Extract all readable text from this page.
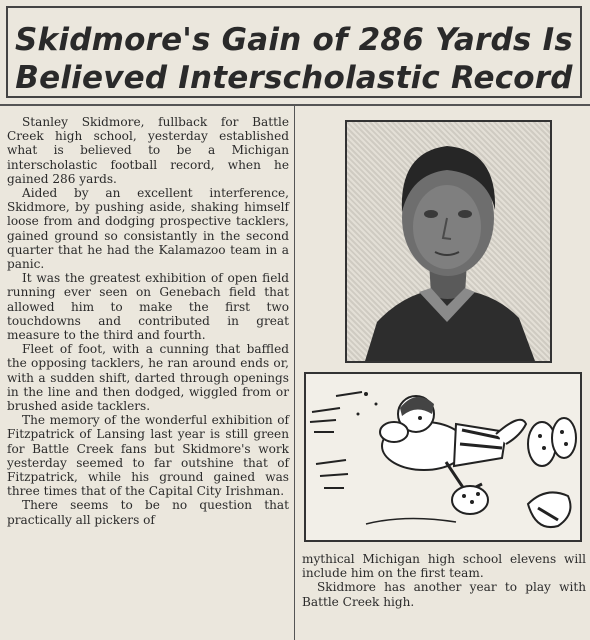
Skidmore's Gain of 286 Yards Is
Believed Interscholastic Record

Stanley Skidmore, fullback for Battle Creek high school, yesterday established what is believed to be a Michigan interscholastic football record, when he gained 286 yards.

Aided by an excellent interference, Skidmore, by pushing aside, shaking himself loose from and dodging prospective tacklers, gained ground so consistantly in the second quarter that he had the Kalamazoo team in a panic.

It was the greatest exhibition of open field running ever seen on Genebach field that allowed him to make the first two touchdowns and contributed in great measure to the third and fourth.

Fleet of foot, with a cunning that baffled the opposing tacklers, he ran around ends or, with a sudden shift, darted through openings in the line and then dodged, wiggled from or brushed aside tacklers.

The memory of the wonderful exhibition of Fitzpatrick of Lansing last year is still green for Battle Creek fans but Skidmore's work yesterday seemed to far outshine that of Fitzpatrick, while his ground gained was three times that of the Capital City Irishman.

There seems to be no question that practically all pickers of

mythical Michigan high school elevens will include him on the first team.

Skidmore has another year to play with Battle Creek high.
